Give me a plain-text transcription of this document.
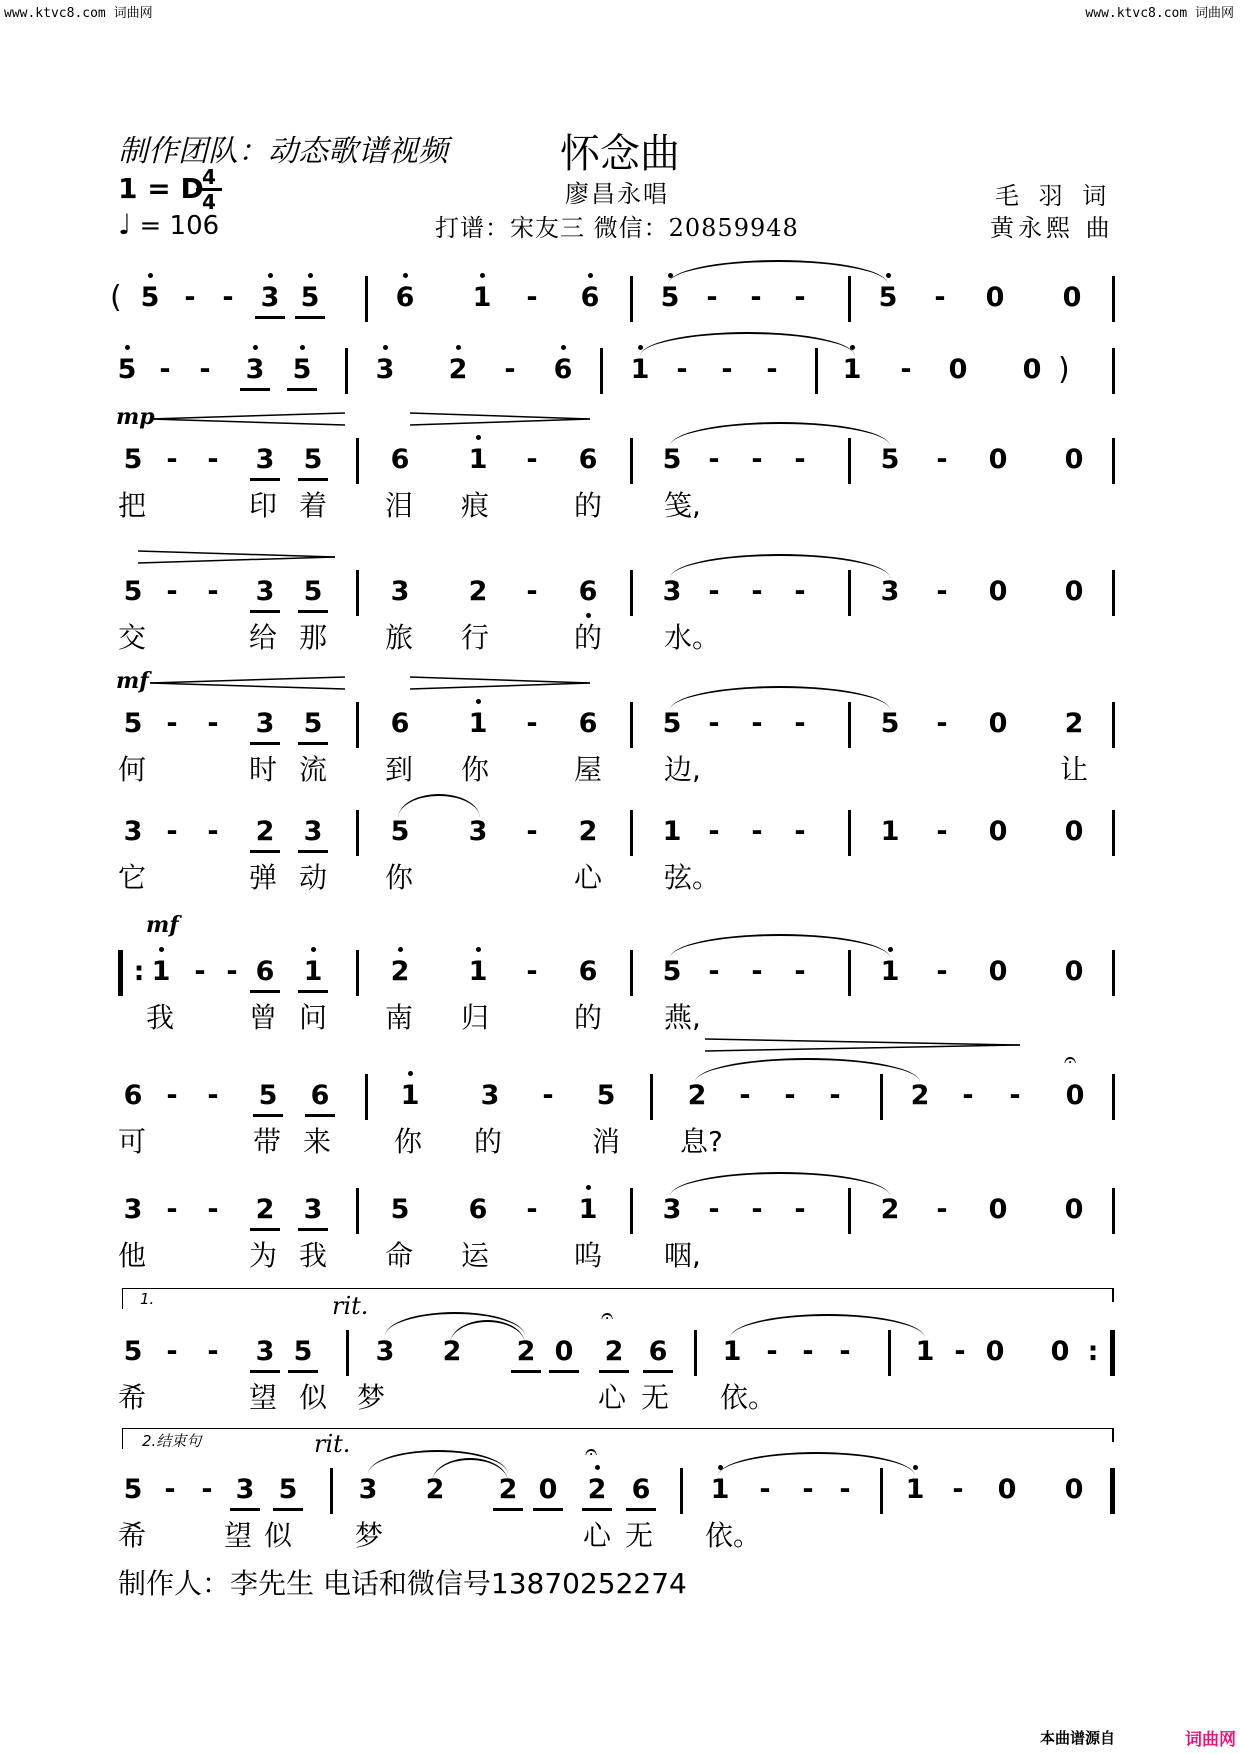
www.ktvc8.com 词曲网	www.ktvc8.com 词曲网
制作团队：动态歌谱视频	怀念曲
廖昌永唱
打谱：宋友三 微信：20859948
毛 羽 词
黄永熙 曲
1 = D
4
4
♩ = 106
( 5 - - 3 5	6 1	-	6 5	-	-	-	5	-	0 0
5 -	-	3 5 3 2	-	6 1	-	-	-	1	-	0 0 )
mp
5 -	-	3 5	6 1	-	6 5	-	-	-	5	-	0 0
把	印 着 泪 痕	的 笺,
5 -	-	3 5	3 2	-	6 3	-	-	-	3	-	0 0
交	给 那 旅 行	的 水。
mf
5 -	-	3 5	6 1	-	6 5	-	-	-	5	-	0 2
何	时 流 到 你	屋 边,	让
3 -	-	2 3	5 3	-	2 1	-	-	-	1	-	0 0
它	弹 动 你	心 弦。
mf
: 1 - - 6 1	2 1	-	6 5	-	-	-	1	-	0 0
我	曾 问 南 归	的 燕,
6 -	-	5 6	1 3	-	5	2	-	-	-	2	-	-	0
𝄐
可	带 来 你 的	消 息?
3 -	-	2 3	5 6	-	1 3	-	-	-	2	-	0 0
他	为 我 命 运	呜 咽,
1.	rit.
5 -	-	3 5 3 2 2 0 2 6 1 - - -	1 - 0 0 :
𝄐
希	望 似 梦	心 无 依。
2.结束句	rit.
5 - - 3 5 3 2 2 0 2 6 1	-	- -	1	-	0 0
𝄐
希	望 似 梦	心 无 依。
制作人：李先生 电话和微信号13870252274
本曲谱源自	词曲网
